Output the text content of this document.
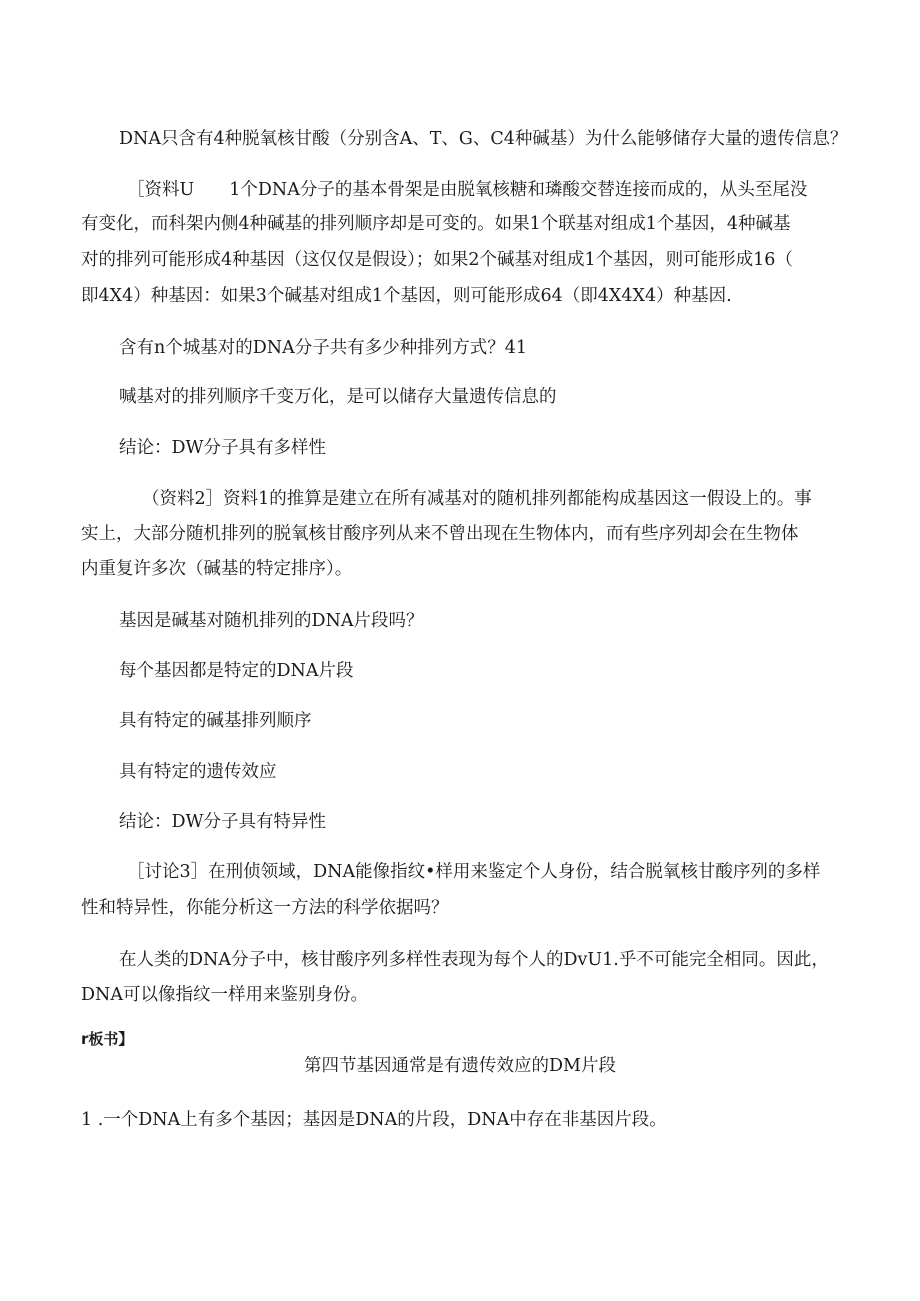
DNA只含有4种脱氧核甘酸（分别含A、T、G、C4种碱基）为什么能够储存大量的遗传信息？
［资料U　　1个DNA分子的基本骨架是由脱氧核糖和璘酸交替连接而成的，从头至尾没
有变化，而科架内侧4种碱基的排列顺序却是可变的。如果1个联基对组成1个基因，4种碱基
对的排列可能形成4种基因（这仅仅是假设）；如果2个碱基对组成1个基因，则可能形成16（
即4X4）种基因：如果3个碱基对组成1个基因，则可能形成64（即4X4X4）种基因.
含有n个城基对的DNA分子共有多少种排列方式？41
喊基对的排列顺序千变万化，是可以储存大量遗传信息的
结论：DW分子具有多样性
（资料2］资料1的推算是建立在所有减基对的随机排列都能构成基因这一假设上的。事
实上，大部分随机排列的脱氧核甘酸序列从来不曾出现在生物体内，而有些序列却会在生物体
内重复许多次（碱基的特定排序）。
基因是碱基对随机排列的DNA片段吗？
每个基因都是特定的DNA片段
具有特定的碱基排列顺序
具有特定的遗传效应
结论：DW分子具有特异性
［讨论3］在刑侦领域，DNA能像指纹•样用来鉴定个人身份，结合脱氧核甘酸序列的多样
性和特异性，你能分析这一方法的科学依据吗？
在人类的DNA分子中，核甘酸序列多样性表现为每个人的DvU1.乎不可能完全相同。因此，
DNA可以像指纹一样用来鉴别身份。
r板书】
第四节基因通常是有遗传效应的DM片段
1 .一个DNA上有多个基因；基因是DNA的片段，DNA中存在非基因片段。
